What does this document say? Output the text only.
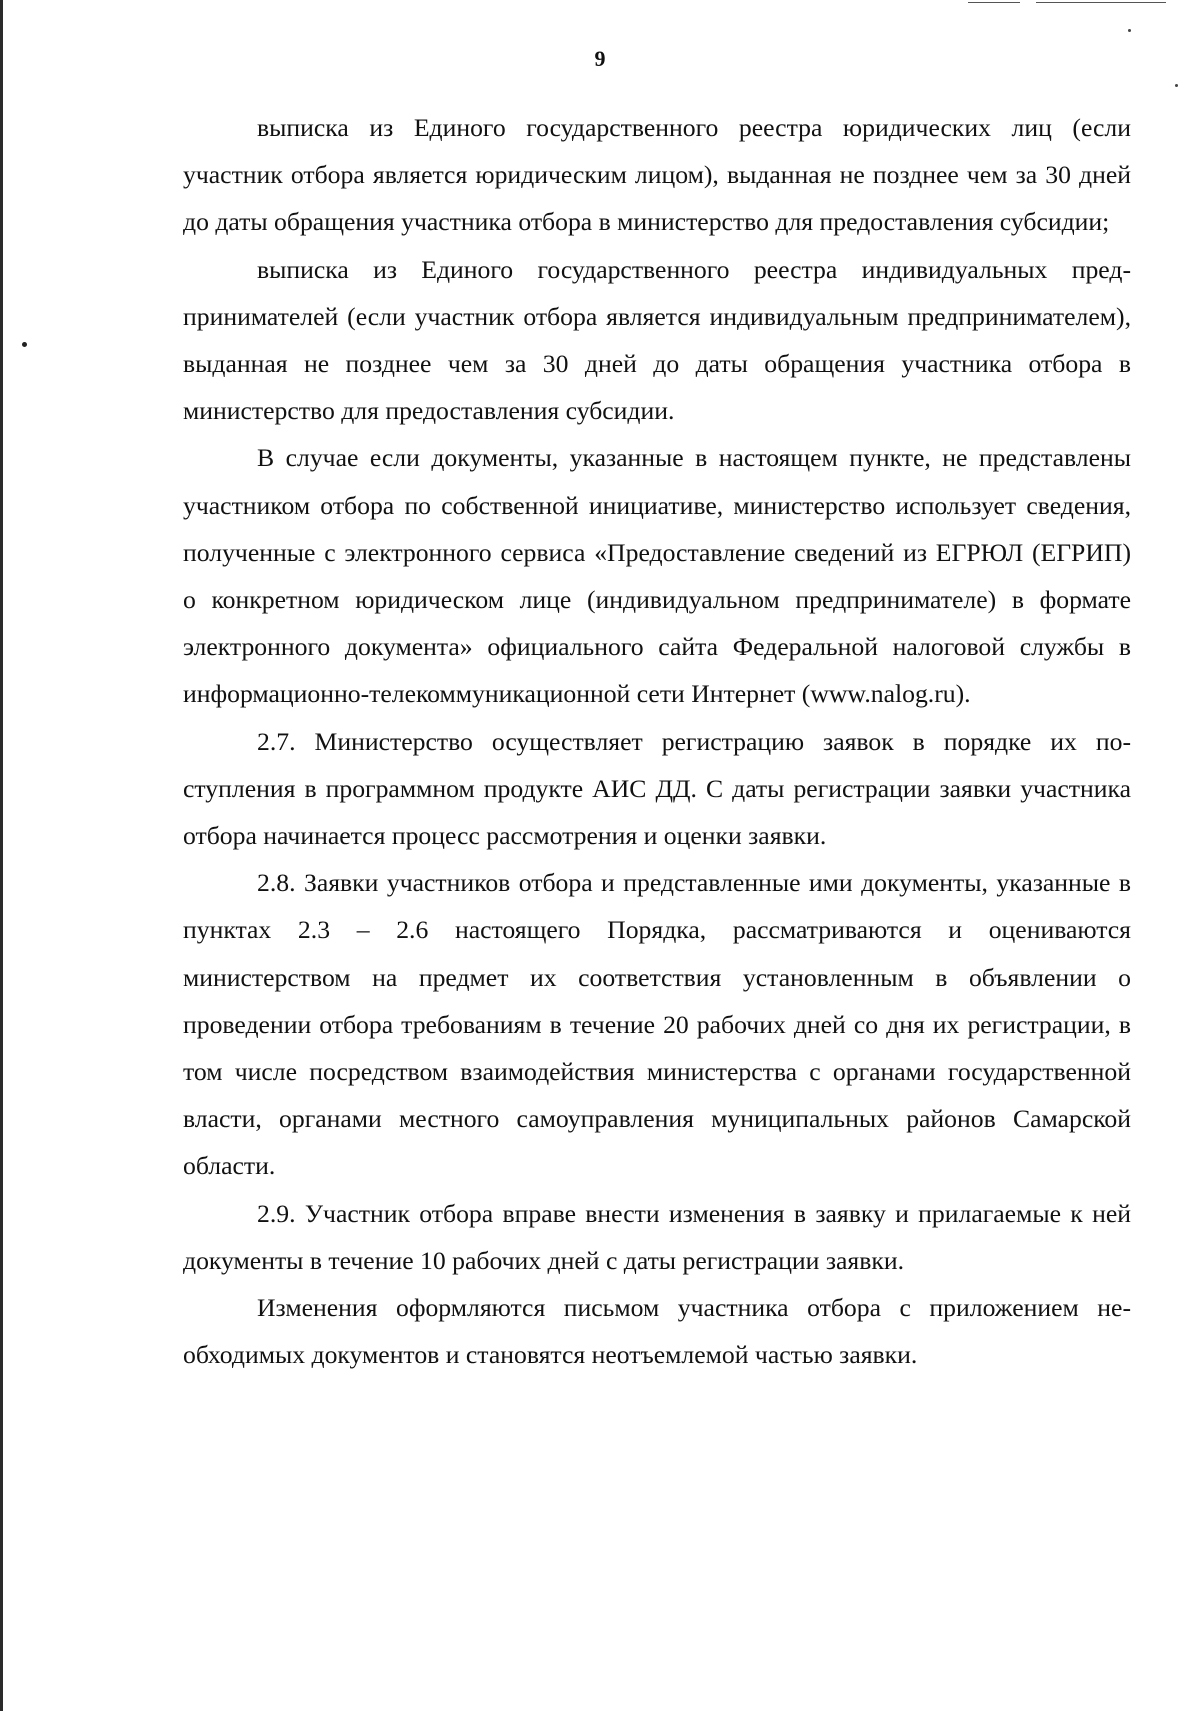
9

выписка из Единого государственного реестра юридических лиц (если участник отбора является юридическим лицом), выданная не позднее чем за 30 дней до даты обращения участника отбора в министерство для предоставления субсидии;

выписка из Единого государственного реестра индивидуальных предпринимателей (если участник отбора является индивидуальным предпринимателем), выданная не позднее чем за 30 дней до даты обращения участника отбора в министерство для предоставления субсидии.

В случае если документы, указанные в настоящем пункте, не представлены участником отбора по собственной инициативе, министерство использует сведения, полученные с электронного сервиса «Предоставление сведений из ЕГРЮЛ (ЕГРИП) о конкретном юридическом лице (индивидуальном предпринимателе) в формате электронного документа» официального сайта Федеральной налоговой службы в информационно-телекоммуникационной сети Интернет (www.nalog.ru).

2.7. Министерство осуществляет регистрацию заявок в порядке их поступления в программном продукте АИС ДД. С даты регистрации заявки участника отбора начинается процесс рассмотрения и оценки заявки.

2.8. Заявки участников отбора и представленные ими документы, указанные в пунктах 2.3 – 2.6 настоящего Порядка, рассматриваются и оцениваются министерством на предмет их соответствия установленным в объявлении о проведении отбора требованиям в течение 20 рабочих дней со дня их регистрации, в том числе посредством взаимодействия министерства с органами государственной власти, органами местного самоуправления муниципальных районов Самарской области.

2.9. Участник отбора вправе внести изменения в заявку и прилагаемые к ней документы в течение 10 рабочих дней с даты регистрации заявки.

Изменения оформляются письмом участника отбора с приложением необходимых документов и становятся неотъемлемой частью заявки.
